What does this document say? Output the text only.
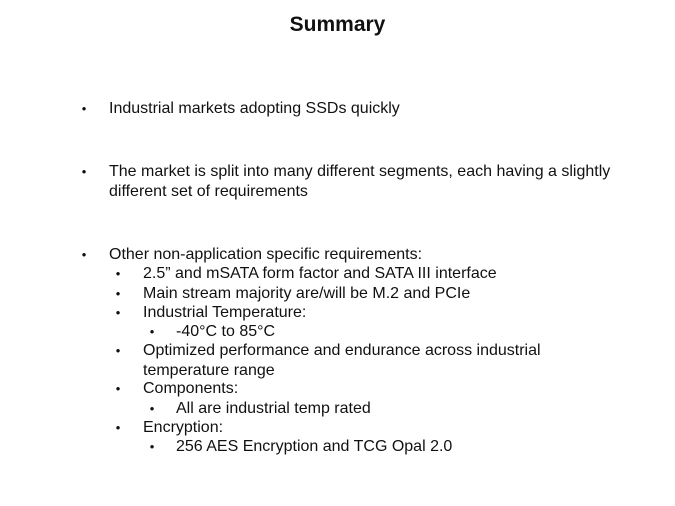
Summary
• Industrial markets adopting SSDs quickly
• The market is split into many different segments, each having a slightly different set of requirements
• Other non-application specific requirements:
• 2.5” and mSATA form factor and SATA III interface
• Main stream majority are/will be M.2 and PCIe
• Industrial Temperature:
• -40°C to 85°C
• Optimized performance and endurance across industrial temperature range
• Components:
• All are industrial temp rated
• Encryption:
• 256 AES Encryption and TCG Opal 2.0
